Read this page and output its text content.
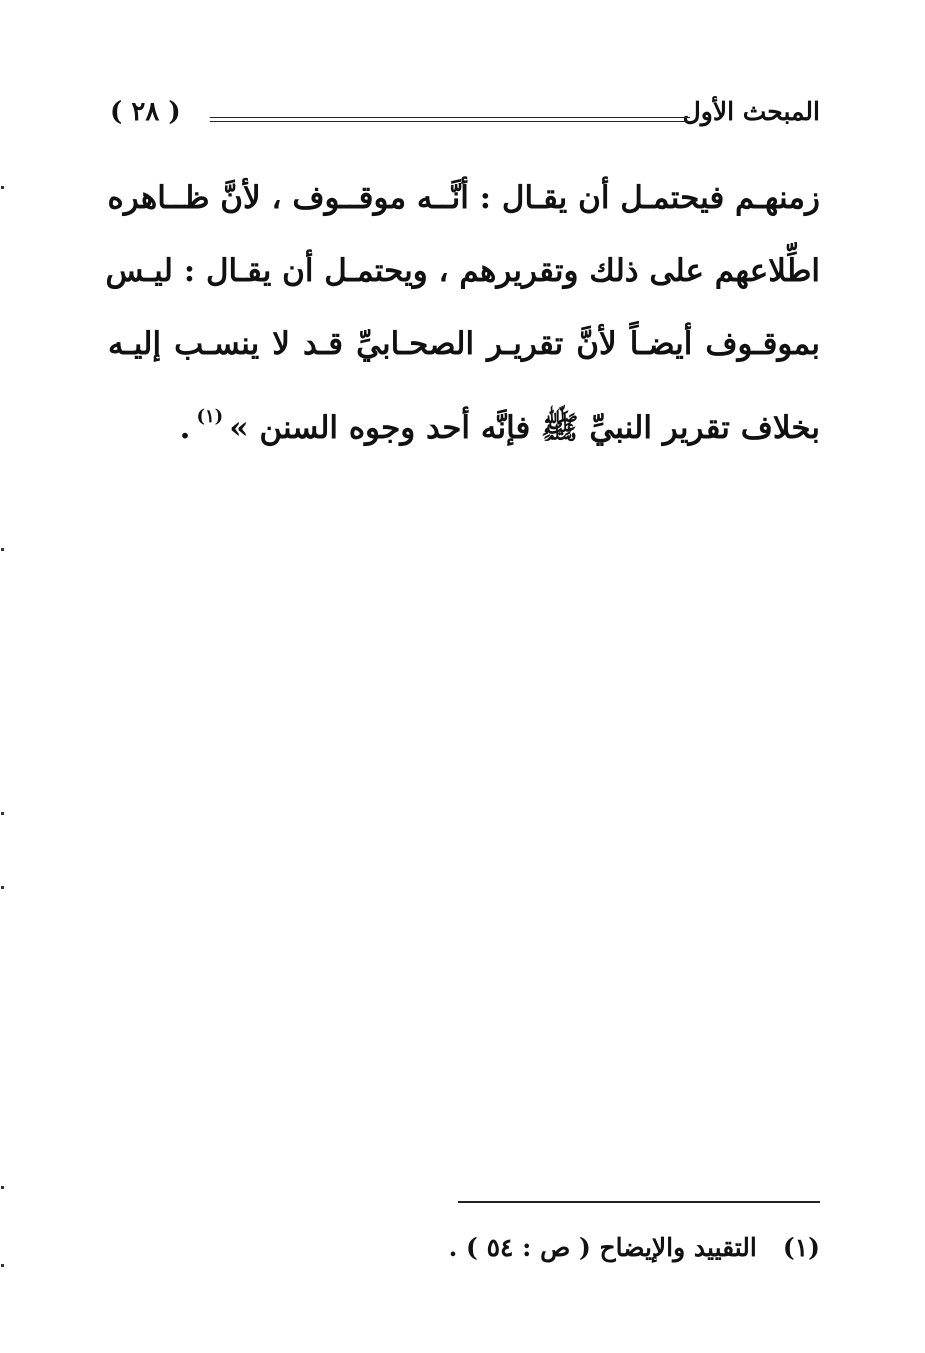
المبحث الأول
( ٢٨ )
زمنهـم فيحتمـل أن يقـال : أنَّــه موقــوف ، لأنَّ ظــاهره
اطِّلاعهم على ذلك وتقريرهم ، ويحتمـل أن يقـال : ليـس
بموقـوف أيضـاً لأنَّ تقريـر الصحـابيِّ قـد لا ينسـب إليـه
بخلاف تقرير النبيِّ ﷺ فإنَّه أحد وجوه السنن »$^{(١)}$.
(١)التقييد والإيضاح ( ص : ٥٤ ) .
